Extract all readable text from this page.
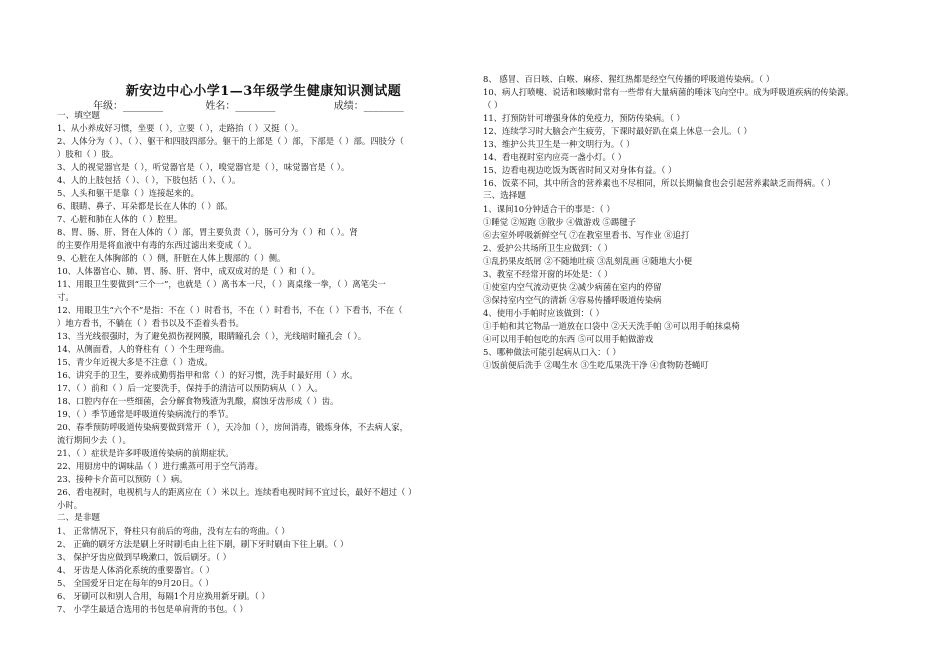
新安边中心小学1—3年级学生健康知识测试题
年级：________	姓名：________	成绩：________
一、填空题
1、从小养成好习惯，坐要（ ），立要（ ），走路抬（ ）又挺（ ）。
2、人体分为（ ）、（ ）、躯干和四肢四部分。躯干的上部是（ ）部，下部是（ ）部。四肢分（
）肢和（ ）肢。
3、人的视觉器官是（ ），听觉器官是（ ），嗅觉器官是（ ），味觉器官是（ ）。
4、人的上肢包括（ ）、（ ），下肢包括（ ）、（ ）。
5、人头和躯干是靠（ ）连接起来的。
6、眼睛、鼻子、耳朵都是长在人体的（ ）部。
7、心脏和肺在人体的（ ）腔里。
8、胃、肠、肝、肾在人体的（ ）部，胃主要负责（ ），肠可分为（ ）和（ ）。肾
的主要作用是将血液中有毒的东西过滤出来变成（ ）。
9、心脏在人体胸部的（ ）侧，肝脏在人体上腹部的（ ）侧。
10、人体器官心、肺、胃、肠、肝、肾中，成双成对的是（ ）和（ ）。
11、用眼卫生要做到“三个一”，也就是（ ）离书本一尺，（ ）离桌缘一拳，（ ）离笔尖一
寸。
12、用眼卫生“六个不”是指：不在（ ）时看书，不在（ ）时看书，不在（ ）下看书，不在（
）地方看书，不躺在（ ）看书以及不歪着头看书。
13、当光线很强时，为了避免损伤视网膜，眼睛瞳孔会（ ），光线暗时瞳孔会（ ）。
14、从侧面看，人的脊柱有（ ）个生理弯曲。
15、青少年近视大多是不注意（ ）造成。
16、讲究手的卫生，要养成勤剪指甲和常（ ）的好习惯，洗手时最好用（ ）水。
17、（ ）前和（ ）后一定要洗手，保持手的清洁可以预防病从（ ）入。
18、口腔内存在一些细菌，会分解食物残渣为乳酸，腐蚀牙齿形成（ ）齿。
19、（ ）季节通常是呼吸道传染病流行的季节。
20、春季预防呼吸道传染病要做到常开（ ），天冷加（ ），房间消毒，锻炼身体，不去病人家，
流行期间少去（ ）。
21、（ ）症状是许多呼吸道传染病的前期症状。
22、用厨房中的调味品（ ）进行熏蒸可用于空气消毒。
23、接种卡介苗可以预防（ ）病。
26、看电视时，电视机与人的距离应在（ ）米以上。连续看电视时间不宜过长，最好不超过（ ）
小时。
二、是非题
1、 正常情况下，脊柱只有前后的弯曲，没有左右的弯曲。（ ）
2、 正确的刷牙方法是刷上牙时刷毛由上往下刷，刷下牙时刷由下往上刷。（ ）
3、 保护牙齿应做到早晚漱口，饭后刷牙。（ ）
4、 牙齿是人体消化系统的重要器官。（ ）
5、 全国爱牙日定在每年的9月20日。（ ）
6、 牙刷可以和别人合用，每隔1个月应换用新牙刷。（ ）
7、 小学生最适合选用的书包是单肩背的书包。（ ）
8、 感冒、百日咳、白喉、麻疹、猩红热都是经空气传播的呼吸道传染病。（ ）
10、病人打喷嚏、说话和咳嗽时常有一些带有大量病菌的唾沫飞向空中。成为呼吸道疾病的传染源。
（ ）
11、打预防针可增强身体的免疫力，预防传染病。（ ）
12、连续学习时大脑会产生疲劳，下课时最好趴在桌上休息一会儿。（ ）
13、维护公共卫生是一种文明行为。（ ）
14、看电视时室内应亮一盏小灯。（ ）
15、边看电视边吃饭为既省时间又对身体有益。（ ）
16、饭菜不同，其中所含的营养素也不尽相同，所以长期偏食也会引起营养素缺乏而得病。（ ）
三、选择题
1、课间10分钟适合干的事是：（ ）
①睡觉 ②短跑 ③散步 ④做游戏 ⑤踢毽子
⑥去室外呼吸新鲜空气 ⑦在教室里看书、写作业 ⑧追打
2、爱护公共场所卫生应做到：（ ）
①乱扔果皮纸屑 ②不随地吐痰 ③乱刻乱画 ④随地大小便
3、教室不经常开窗的坏处是：（ ）
①使室内空气流动更快 ②减少病菌在室内的停留
③保持室内空气的清新 ④容易传播呼吸道传染病
4、使用小手帕时应该做到：（ ）
①手帕和其它物品一道放在口袋中 ②天天洗手帕 ③可以用手帕抹桌椅
④可以用手帕包吃的东西 ⑤可以用手帕做游戏
5、哪种做法可能引起病从口入：（ ）
①饭前便后洗手 ②喝生水 ③生吃瓜果洗干净 ④食物防苍蝇叮
